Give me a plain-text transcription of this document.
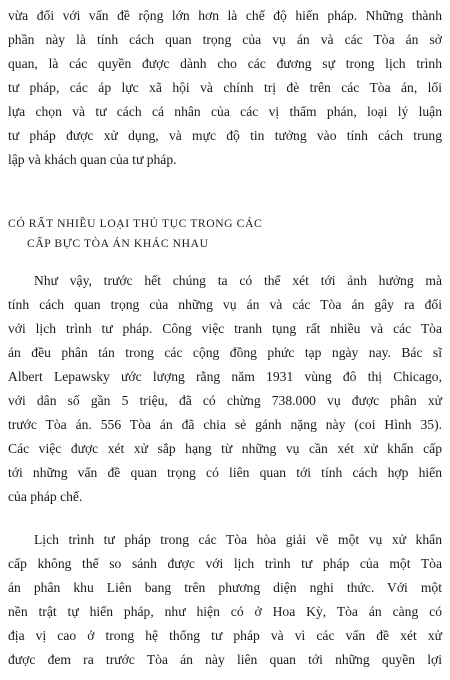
vừa đối với vấn đề rộng lớn hơn là chế độ hiến pháp. Những thành
phần này là tính cách quan trọng của vụ án và các Tòa án sở
quan, là các quyền được dành cho các đương sự trong lịch trình
tư pháp, các áp lực xã hội và chính trị đè trên các Tòa án, lối
lựa chọn và tư cách cá nhân của các vị thẩm phán, loại lý luận
tư pháp được xử dụng, và mực độ tin tưởng vào tính cách trung
lập và khách quan của tư pháp.
CÓ RẤT NHIỀU LOẠI THỦ TỤC TRONG CÁC
CẤP BỰC TÒA ÁN KHÁC NHAU
Như vậy, trước hết chúng ta có thể xét tới ảnh hưởng mà
tính cách quan trọng của những vụ án và các Tòa án gây ra đối
với lịch trình tư pháp. Công việc tranh tụng rất nhiều và các Tòa
án đều phân tán trong các cộng đồng phức tạp ngày nay. Bác sĩ
Albert Lepawsky ước lượng rằng năm 1931 vùng đô thị Chicago,
với dân số gần 5 triệu, đã có chừng 738.000 vụ được phân xử
trước Tòa án. 556 Tòa án đã chia sẻ gánh nặng này (coi Hình 35).
Các việc được xét xử sắp hạng từ những vụ cần xét xử khẩn cấp
tới những vấn đề quan trọng có liên quan tới tính cách hợp hiến
của pháp chế.
Lịch trình tư pháp trong các Tòa hòa giải về một vụ xử khẩn
cấp không thể so sánh được với lịch trình tư pháp của một Tòa
án phân khu Liên bang trên phương diện nghi thức. Với một
nền trật tự hiến pháp, như hiện có ở Hoa Kỳ, Tòa án càng có
địa vị cao ở trong hệ thống tư pháp và vì các vấn đề xét xử
được đem ra trước Tòa án này liên quan tới những quyền lợi
